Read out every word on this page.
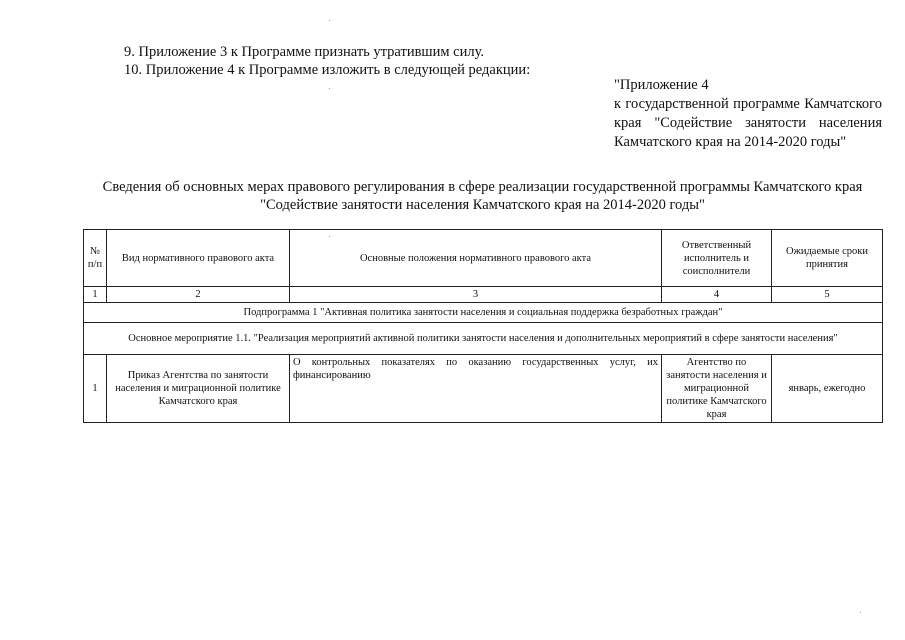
9. Приложение 3 к Программе признать утратившим силу.
10. Приложение 4 к Программе изложить в следующей редакции:
"Приложение 4
к государственной программе Камчатского края "Содействие занятости населения Камчатского края на 2014-2020 годы"
Сведения об основных мерах правового регулирования в сфере реализации государственной программы Камчатского края
"Содействие занятости населения Камчатского края на 2014-2020 годы"
№ п/п	Вид нормативного правового акта	Основные положения нормативного правового акта	Ответственный исполнитель и соисполнители	Ожидаемые сроки принятия
1	2	3	4	5
Подпрограмма 1 "Активная политика занятости населения и социальная поддержка безработных граждан"				
Основное мероприятие 1.1. "Реализация мероприятий активной политики занятости населения и дополнительных мероприятий в сфере занятости населения"				
1	Приказ Агентства по занятости населения и миграционной политике Камчатского края	О контрольных показателях по оказанию государственных услуг, их финансированию	Агентство по занятости населения и миграционной политике Камчатского края	январь, ежегодно
